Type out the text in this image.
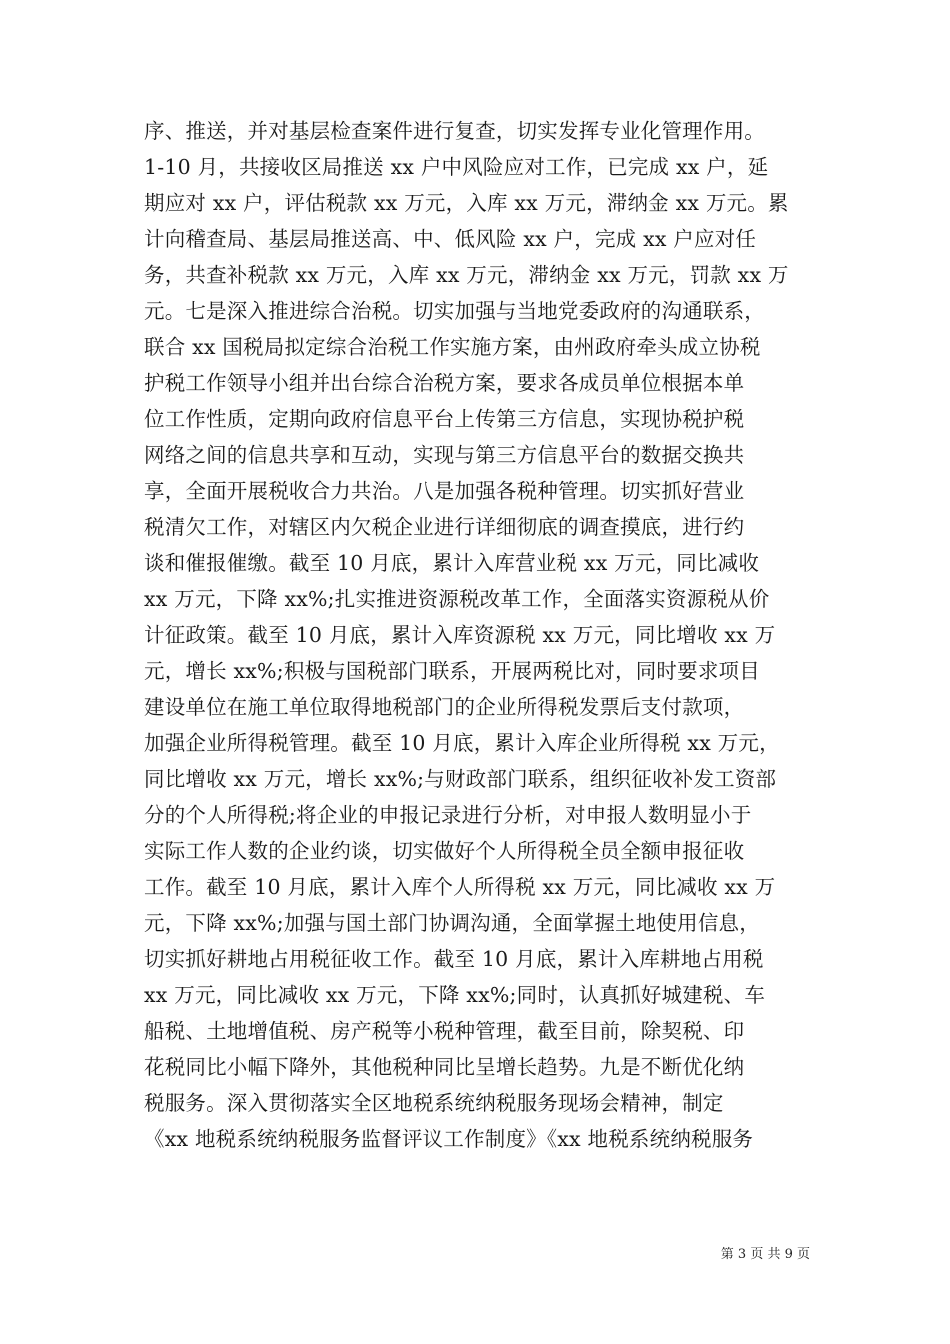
序、推送，并对基层检查案件进行复查，切实发挥专业化管理作用。
1-10 月，共接收区局推送 xx 户中风险应对工作，已完成 xx 户，延
期应对 xx 户，评估税款 xx 万元，入库 xx 万元，滞纳金 xx 万元。累
计向稽查局、基层局推送高、中、低风险 xx 户，完成 xx 户应对任
务，共查补税款 xx 万元，入库 xx 万元，滞纳金 xx 万元，罚款 xx 万
元。七是深入推进综合治税。切实加强与当地党委政府的沟通联系，
联合 xx 国税局拟定综合治税工作实施方案，由州政府牵头成立协税
护税工作领导小组并出台综合治税方案，要求各成员单位根据本单
位工作性质，定期向政府信息平台上传第三方信息，实现协税护税
网络之间的信息共享和互动，实现与第三方信息平台的数据交换共
享，全面开展税收合力共治。八是加强各税种管理。切实抓好营业
税清欠工作，对辖区内欠税企业进行详细彻底的调查摸底，进行约
谈和催报催缴。截至 10 月底，累计入库营业税 xx 万元，同比减收
xx 万元，下降 xx%;扎实推进资源税改革工作，全面落实资源税从价
计征政策。截至 10 月底，累计入库资源税 xx 万元，同比增收 xx 万
元，增长 xx%;积极与国税部门联系，开展两税比对，同时要求项目
建设单位在施工单位取得地税部门的企业所得税发票后支付款项，
加强企业所得税管理。截至 10 月底，累计入库企业所得税 xx 万元，
同比增收 xx 万元，增长 xx%;与财政部门联系，组织征收补发工资部
分的个人所得税;将企业的申报记录进行分析，对申报人数明显小于
实际工作人数的企业约谈，切实做好个人所得税全员全额申报征收
工作。截至 10 月底，累计入库个人所得税 xx 万元，同比减收 xx 万
元，下降 xx%;加强与国土部门协调沟通，全面掌握土地使用信息，
切实抓好耕地占用税征收工作。截至 10 月底，累计入库耕地占用税
xx 万元，同比减收 xx 万元，下降 xx%;同时，认真抓好城建税、车
船税、土地增值税、房产税等小税种管理，截至目前，除契税、印
花税同比小幅下降外，其他税种同比呈增长趋势。九是不断优化纳
税服务。深入贯彻落实全区地税系统纳税服务现场会精神，制定
《xx 地税系统纳税服务监督评议工作制度》《xx 地税系统纳税服务
第 3 页 共 9 页
